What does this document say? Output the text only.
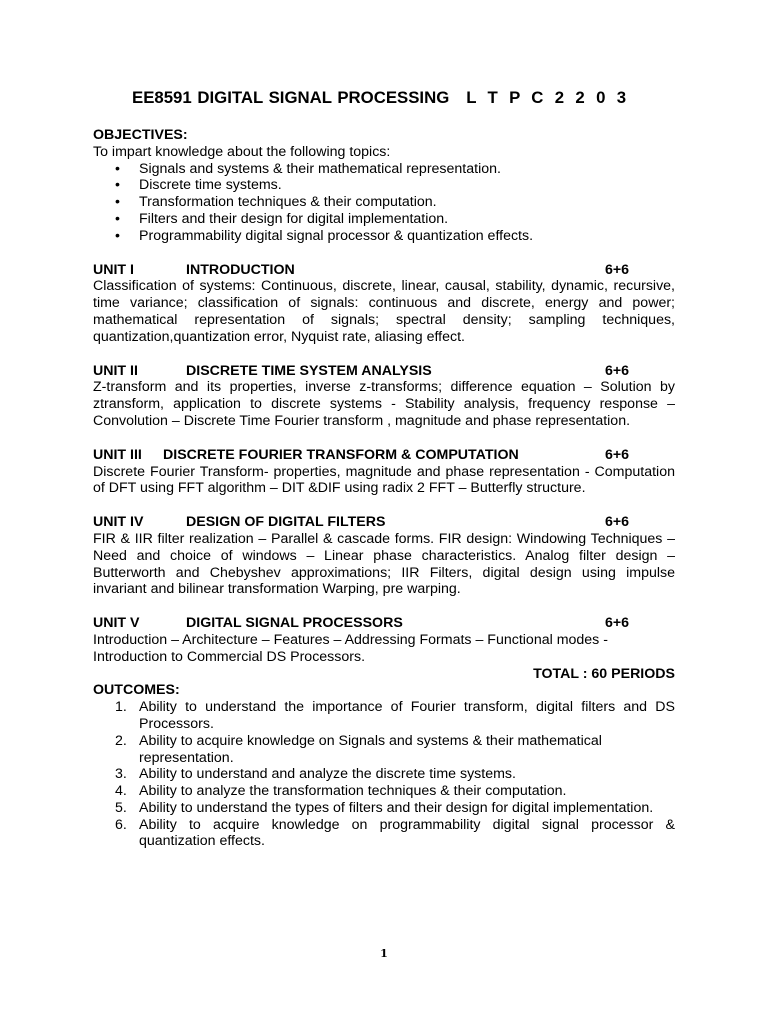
EE8591 DIGITAL SIGNAL PROCESSING   L  T  P  C  2  2  0  3
OBJECTIVES:
To impart knowledge about the following topics:
• Signals and systems & their mathematical representation.
• Discrete time systems.
• Transformation techniques & their computation.
• Filters and their design for digital implementation.
• Programmability digital signal processor & quantization effects.
UNIT I	INTRODUCTION	6+6
Classification of systems: Continuous, discrete, linear, causal, stability, dynamic, recursive, time variance; classification of signals: continuous and discrete, energy and power; mathematical representation of signals; spectral density; sampling techniques, quantization,quantization error, Nyquist rate, aliasing effect.
UNIT II	DISCRETE TIME SYSTEM ANALYSIS	6+6
Z-transform and its properties, inverse z-transforms; difference equation – Solution by ztransform, application to discrete systems - Stability analysis, frequency response –Convolution – Discrete Time Fourier transform , magnitude and phase representation.
UNIT III	DISCRETE FOURIER TRANSFORM & COMPUTATION	6+6
Discrete Fourier Transform- properties, magnitude and phase representation - Computation of DFT using FFT algorithm – DIT &DIF using radix 2 FFT – Butterfly structure.
UNIT IV	DESIGN OF DIGITAL FILTERS	6+6
FIR & IIR filter realization – Parallel & cascade forms. FIR design: Windowing Techniques –Need and choice of windows – Linear phase characteristics. Analog filter design –Butterworth and Chebyshev approximations; IIR Filters, digital design using impulse invariant and bilinear transformation Warping, pre warping.
UNIT V	DIGITAL SIGNAL PROCESSORS	6+6
Introduction – Architecture – Features – Addressing Formats – Functional modes - Introduction to Commercial DS Processors.
TOTAL : 60 PERIODS
OUTCOMES:
1. Ability to understand the importance of Fourier transform, digital filters and DS Processors.
2. Ability to acquire knowledge on Signals and systems & their mathematical representation.
3. Ability to understand and analyze the discrete time systems.
4. Ability to analyze the transformation techniques & their computation.
5. Ability to understand the types of filters and their design for digital implementation.
6. Ability to acquire knowledge on programmability digital signal processor & quantization effects.
1
